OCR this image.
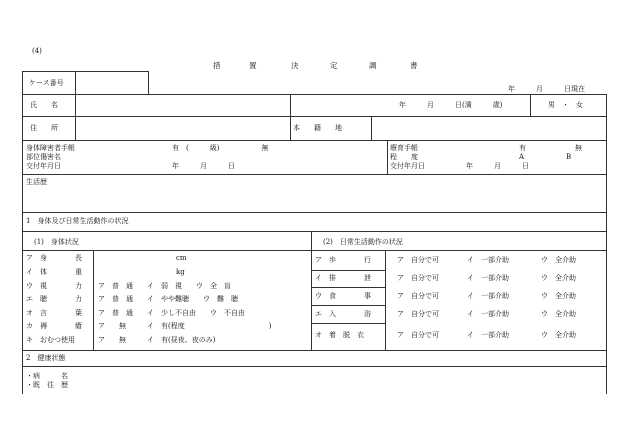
(4)
措	置	決	定	調	書
ケース番号
年　　　月　　　日現在
氏　　名	年　　　月　　　日(満　　　歳)	男　・　女
住　　所	本　　籍　　地
身体障害者手帳	有　(　　　級)　　　　　　無
部位傷害名
交付年月日	年　　　月　　　日
療育手帳	有　　　　　　　無
程　　度	A　　　　　　B
交付年月日	年　　　月　　　日
生活歴
1　身体及び日常生活動作の状況
(1)　身体状況	(2)　日常生活動作の状況
ア　身　　　　長	cm
イ　体　　　　重	kg
ウ　視　　　　力 ア　普　通　　イ　弱　視　　ウ　全　盲
エ　聴　　　　力 ア　普　通　　イ　やや難聴　　ウ　難　聴
オ　言　　　　葉 ア　普　通　　イ　少し不自由　　ウ　不自由
カ　褥　　　　瘡 ア　　無　　　イ　有(程度　　　　　　　　　　　　)
キ　おむつ使用	ア　　無　　　イ　有(昼夜、夜のみ)
ア　歩　　　　行	ア　自分で可	イ　一部介助	ウ　全介助
イ　排　　　　泄	ア　自分で可	イ　一部介助	ウ　全介助
ウ　食　　　　事	ア　自分で可	イ　一部介助	ウ　全介助
エ　入　　　　浴	ア　自分で可	イ　一部介助	ウ　全介助
オ　着　脱　衣	ア　自分で可	イ　一部介助	ウ　全介助
2　健康状態
・病　　　名
・既　往　歴
